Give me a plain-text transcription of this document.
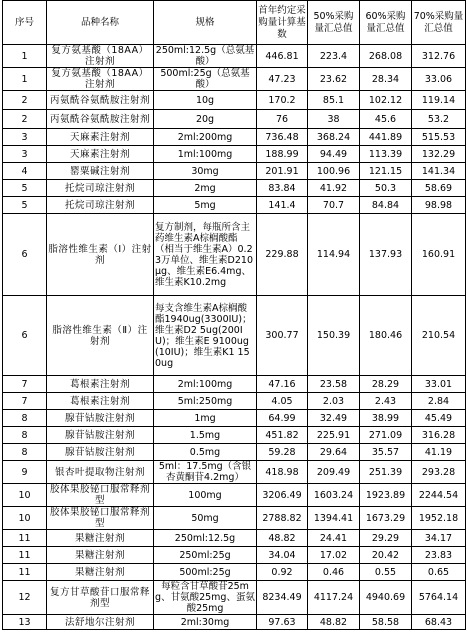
序号	品种名称	规格	首年约定采购量计算基数	50%采购量汇总值	60%采购量汇总值	70%采购量汇总值
1	复方氨基酸（18AA）注射剂	250ml:12.5g（总氨基酸）	446.81	223.4	268.08	312.76
1	复方氨基酸（18AA）注射剂	500ml:25g（总氨基酸）	47.23	23.62	28.34	33.06
2	丙氨酰谷氨酰胺注射剂	10g	170.2	85.1	102.12	119.14
2	丙氨酰谷氨酰胺注射剂	20g	76	38	45.6	53.2
3	天麻素注射剂	2ml:200mg	736.48	368.24	441.89	515.53
3	天麻素注射剂	1ml:100mg	188.99	94.49	113.39	132.29
4	罂粟碱注射剂	30mg	201.91	100.96	121.15	141.34
5	托烷司琼注射剂	2mg	83.84	41.92	50.3	58.69
5	托烷司琼注射剂	5mg	141.4	70.7	84.84	98.98
6	脂溶性维生素（Ⅰ）注射剂	复方制剂，每瓶所含主药维生素A棕榈酸酯（相当于维生素A）0.23万单位、维生素D210μg、维生素E6.4mg、维生素K10.2mg	229.88	114.94	137.93	160.91
6	脂溶性维生素（Ⅱ）注射剂	每支含维生素A棕榈酸酯1940ug(3300IU)；维生素D2 5ug(200IU)；维生素E 9100ug (10IU)；维生素K1 150ug	300.77	150.39	180.46	210.54
7	葛根素注射剂	2ml:100mg	47.16	23.58	28.29	33.01
7	葛根素注射剂	5ml:250mg	4.05	2.03	2.43	2.84
8	腺苷钴胺注射剂	1mg	64.99	32.49	38.99	45.49
8	腺苷钴胺注射剂	1.5mg	451.82	225.91	271.09	316.28
8	腺苷钴胺注射剂	0.5mg	59.28	29.64	35.57	41.19
9	银杏叶提取物注射剂	5ml：17.5mg（含银杏黄酮苷4.2mg）	418.98	209.49	251.39	293.28
10	胶体果胶铋口服常释剂型	100mg	3206.49	1603.24	1923.89	2244.54
10	胶体果胶铋口服常释剂型	50mg	2788.82	1394.41	1673.29	1952.18
11	果糖注射剂	250ml:12.5g	48.82	24.41	29.29	34.17
11	果糖注射剂	250ml:25g	34.04	17.02	20.42	23.83
11	果糖注射剂	500ml:25g	0.92	0.46	0.55	0.65
12	复方甘草酸苷口服常释剂型	每粒含甘草酸苷25mg、甘氨酸25mg、蛋氨酸25mg	8234.49	4117.24	4940.69	5764.14
13	法舒地尔注射剂	2ml:30mg	97.63	48.82	58.58	68.43
